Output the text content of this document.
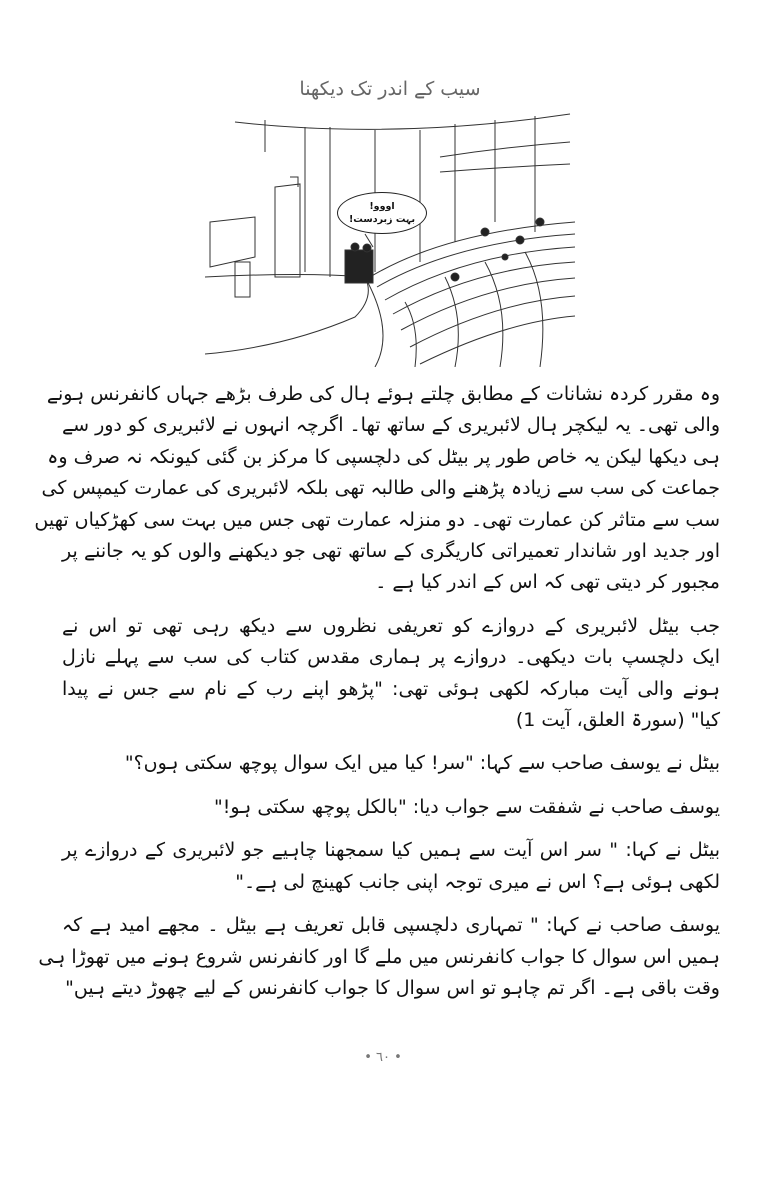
سیب کے اندر تک دیکھنا
اووو!
بہت زبردست!
وہ مقرر کردہ نشانات کے مطابق چلتے ہوئے ہال کی طرف بڑھے جہاں کانفرنس ہونے
والی تھی۔ یہ لیکچر ہال لائبریری کے ساتھ تھا۔ اگرچہ انہوں نے لائبریری کو دور سے
ہی دیکھا لیکن یہ خاص طور پر بیٹل کی دلچسپی کا مرکز بن گئی کیونکہ نہ صرف وہ
جماعت کی سب سے زیادہ پڑھنے والی طالبہ تھی بلکہ لائبریری کی عمارت کیمپس کی
سب سے متاثر کن عمارت تھی۔ دو منزلہ عمارت تھی جس میں بہت سی کھڑکیاں تھیں
اور جدید اور شاندار تعمیراتی کاریگری کے ساتھ تھی جو دیکھنے والوں کو یہ جاننے پر
مجبور کر دیتی تھی کہ اس کے اندر کیا ہے ۔
جب بیٹل لائبریری کے دروازے کو تعریفی نظروں سے دیکھ رہی تھی تو اس نے
ایک دلچسپ بات دیکھی۔ دروازے پر ہماری مقدس کتاب کی سب سے پہلے نازل
ہونے والی آیت مبارکہ لکھی ہوئی تھی: "پڑھو اپنے رب کے نام سے جس نے پیدا
کیا" (سورۃ العلق، آیت 1)
بیٹل نے یوسف صاحب سے کہا: "سر! کیا میں ایک سوال پوچھ سکتی ہوں؟"
یوسف صاحب نے شفقت سے جواب دیا: "بالکل پوچھ سکتی ہو!"
بیٹل نے کہا: " سر اس آیت سے ہمیں کیا سمجھنا چاہیے جو لائبریری کے دروازے پر
لکھی ہوئی ہے؟ اس نے میری توجہ اپنی جانب کھینچ لی ہے۔"
یوسف صاحب نے کہا: " تمہاری دلچسپی قابل تعریف ہے بیٹل ۔ مجھے امید ہے کہ
ہمیں اس سوال کا جواب کانفرنس میں ملے گا اور کانفرنس شروع ہونے میں تھوڑا ہی
وقت باقی ہے۔ اگر تم چاہو تو اس سوال کا جواب کانفرنس کے لیے چھوڑ دیتے ہیں"
• ٦٠ •
